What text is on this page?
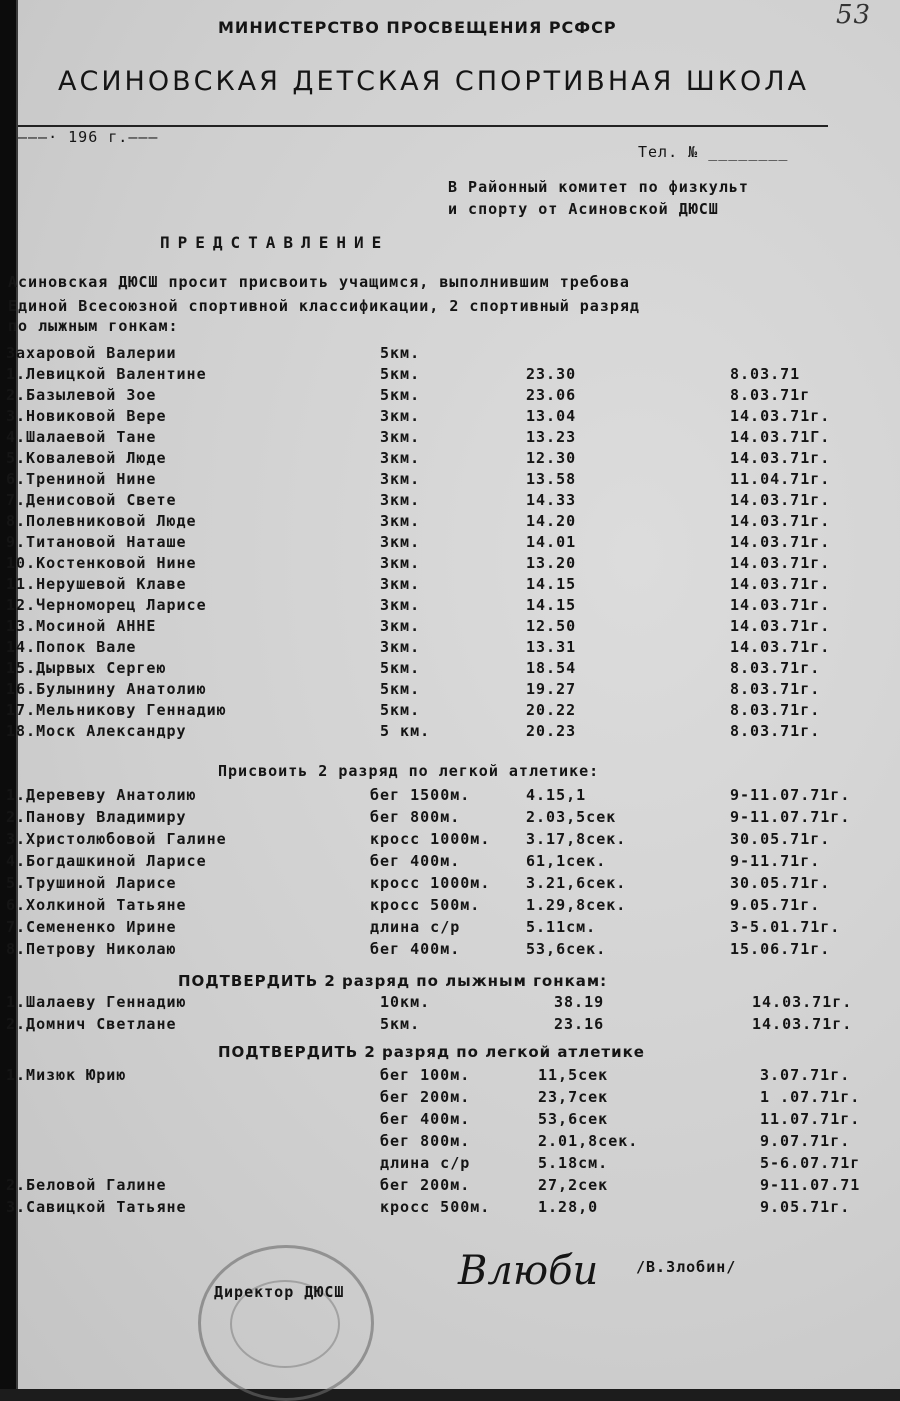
МИНИСТЕРСТВО ПРОСВЕЩЕНИЯ РСФСР
АСИНОВСКАЯ ДЕТСКАЯ СПОРТИВНАЯ ШКОЛА
53
———· 196 г.———
Тел. № ________
В Районный комитет по физкульт
и спорту от Асиновской ДЮСШ
ПРЕДСТАВЛЕНИЕ
Асиновская ДЮСШ просит присвоить учащимся, выполнившим требова
Единой Всесоюзной спортивной классификации, 2 спортивный разряд
по лыжным гонкам:
Захаровой Валерии	5км.
1.Левицкой Валентине	5км.	23.30	8.03.71
2.Базылевой Зое	5км.	23.06	8.03.71г
3.Новиковой Вере	3км.	13.04	14.03.71г.
4.Шалаевой Тане	3км.	13.23	14.03.71Г.
5.Ковалевой Люде	3км.	12.30	14.03.71г.
6.Трениной Нине	3км.	13.58	11.04.71г.
7.Денисовой Свете	3км.	14.33	14.03.71г.
8.Полевниковой Люде	3км.	14.20	14.03.71г.
9.Титановой Наташе	3км.	14.01	14.03.71г.
10.Костенковой Нине	3км.	13.20	14.03.71г.
11.Нерушевой Клаве	3км.	14.15	14.03.71г.
12.Черноморец Ларисе	3км.	14.15	14.03.71г.
13.Мосиной АННЕ	3км.	12.50	14.03.71г.
14.Попок Вале	3км.	13.31	14.03.71г.
15.Дырвых Сергею	5км.	18.54	8.03.71г.
16.Булынину Анатолию	5км.	19.27	8.03.71г.
17.Мельникову Геннадию	5км.	20.22	8.03.71г.
18.Моск Александру	5 км.	20.23	8.03.71г.
Присвоить 2 разряд по легкой атлетике:
1.Деревеву Анатолию	бег 1500м.	4.15,1	9-11.07.71г.
2.Панову Владимиру	бег 800м.	2.03,5сек	9-11.07.71г.
3.Христолюбовой Галине	кросс 1000м. 3.17,8сек.	30.05.71г.
4.Богдашкиной Ларисе	бег 400м.	61,1сек.	9-11.71г.
5.Трушиной Ларисе	кросс 1000м. 3.21,6сек.	30.05.71г.
6.Холкиной Татьяне	кросс 500м.	1.29,8сек.	9.05.71г.
7.Семененко Ирине	длина с/р	5.11см.	3-5.01.71г.
8.Петрову Николаю	бег 400м.	53,6сек.	15.06.71г.
ПОДТВЕРДИТЬ 2 разряд по лыжным гонкам:
1.Шалаеву Геннадию	10км.	38.19	14.03.71г.
2.Домнич Светлане	5км.	23.16	14.03.71г.
ПОДТВЕРДИТЬ 2 разряд по легкой атлетике
1.Мизюк Юрию	бег 100м.	11,5сек	3.07.71г.
бег 200м.	23,7сек	1 .07.71г.
бег 400м.	53,6сек	11.07.71г.
бег 800м.	2.01,8сек.	9.07.71г.
длина с/р	5.18см.	5-6.07.71г
2.Беловой Галине	бег 200м.	27,2сек	9-11.07.71
3.Савицкой Татьяне	кросс 500м.	1.28,0	9.05.71г.
Директор ДЮСШ	Влюби	/В.Злобин/
